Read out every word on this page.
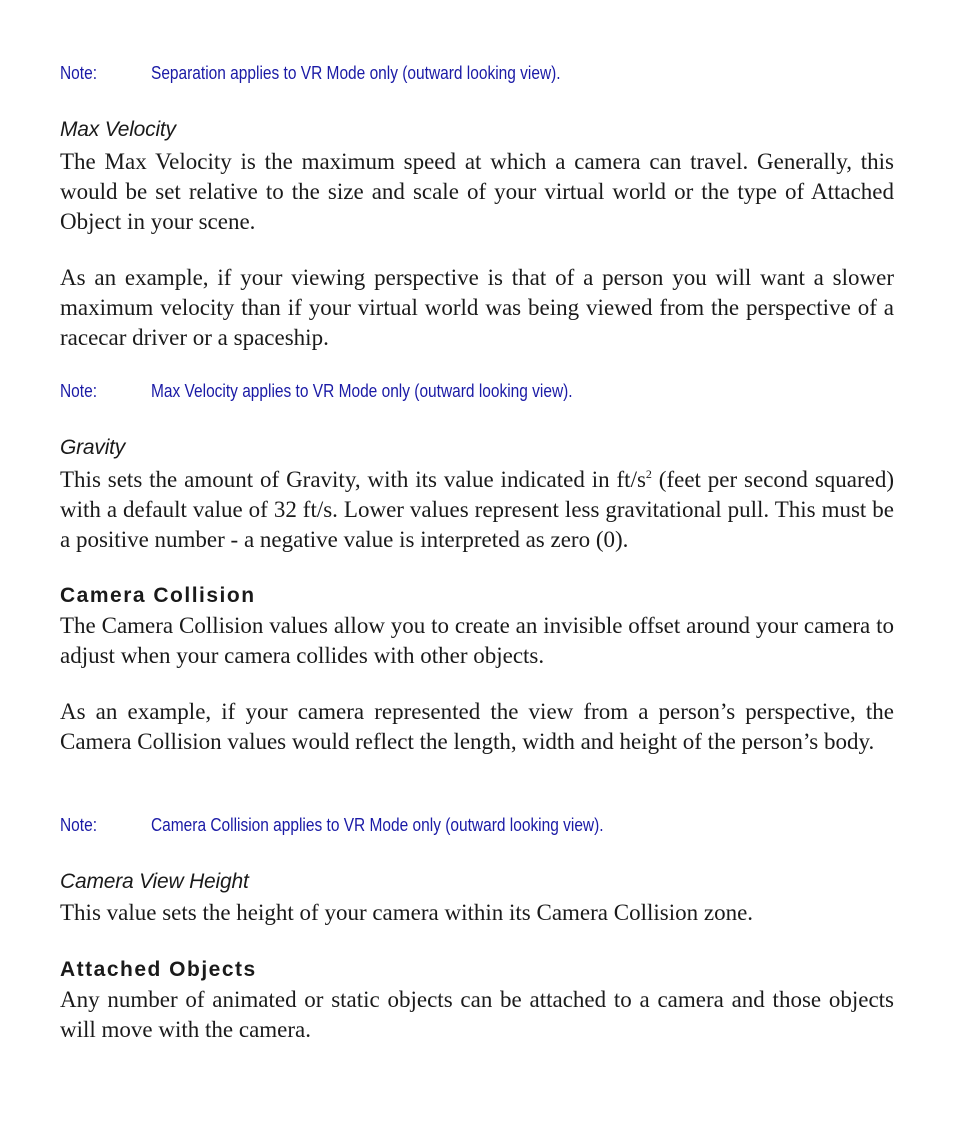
Note:	Separation applies to VR Mode only (outward looking view).
Max Velocity

The Max Velocity is the maximum speed at which a camera can travel. Generally, this would be set relative to the size and scale of your virtual world or the type of Attached Object in your scene.

As an example, if your viewing perspective is that of a person you will want a slower maximum velocity than if your virtual world was being viewed from the perspective of a racecar driver or a spaceship.

Note:	Max Velocity applies to VR Mode only (outward looking view).
Gravity

This sets the amount of Gravity, with its value indicated in $ft/s^2$ (feet per second squared) with a default value of 32 ft/s. Lower values represent less gravitational pull. This must be a positive number - a negative value is interpreted as zero (0).

Camera Collision

The Camera Collision values allow you to create an invisible offset around your camera to adjust when your camera collides with other objects.

As an example, if your camera represented the view from a person’s perspective, the Camera Collision values would reflect the length, width and height of the person’s body.

Note:	Camera Collision applies to VR Mode only (outward looking view).
Camera View Height

This value sets the height of your camera within its Camera Collision zone.

Attached Objects

Any number of animated or static objects can be attached to a camera and those objects will move with the camera.
